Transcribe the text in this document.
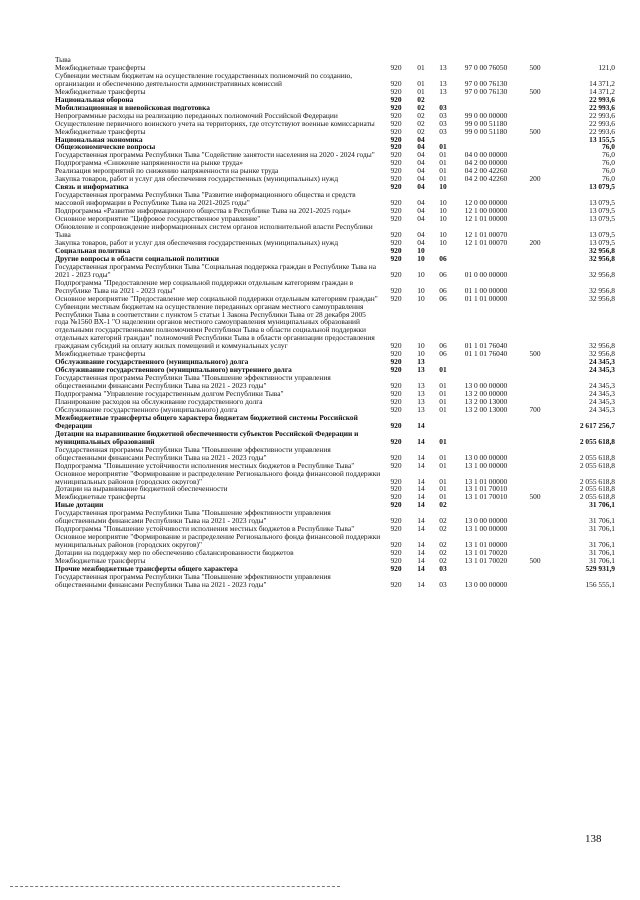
Тыва						
Межбюджетные трансферты	920	01	13	97 0 00 76050	500	121,0
Субвенции местным бюджетам на осуществление государственных полномочий по созданию, организации и обеспечению деятельности административных комиссий	920	01	13	97 0 00 76130		14 371,2
Межбюджетные трансферты	920	01	13	97 0 00 76130	500	14 371,2
Национальная оборона	920	02				22 993,6
Мобилизационная и вневойсковая подготовка	920	02	03			22 993,6
Непрограммные расходы на реализацию переданных полномочий Российской Федерации	920	02	03	99 0 00 00000		22 993,6
Осуществление первичного воинского учета на территориях, где отсутствуют военные комиссариаты	920	02	03	99 0 00 51180		22 993,6
Межбюджетные трансферты	920	02	03	99 0 00 51180	500	22 993,6
Национальная экономика	920	04				13 155,5
Общеэкономические вопросы	920	04	01			76,0
Государственная программа Республики Тыва "Содействие занятости населения на 2020 - 2024 годы"	920	04	01	04 0 00 00000		76,0
Подпрограмма «Снижение напряженности на рынке труда»	920	04	01	04 2 00 00000		76,0
Реализация мероприятий по снижению напряженности на рынке труда	920	04	01	04 2 00 42260		76,0
Закупка товаров, работ и услуг для обеспечения государственных (муниципальных) нужд	920	04	01	04 2 00 42260	200	76,0
Связь и информатика	920	04	10			13 079,5
Государственная программа Республики Тыва "Развитие информационного общества и средств массовой информации в Республике Тыва на 2021-2025 годы"	920	04	10	12 0 00 00000		13 079,5
Подпрограмма «Развитие информационного общества в Республике Тыва на 2021-2025 годы»	920	04	10	12 1 00 00000		13 079,5
Основное мероприятие "Цифровое государственное управление"	920	04	10	12 1 01 00000		13 079,5
Обновление и сопровождение информационных систем органов исполнительной власти Республики Тыва	920	04	10	12 1 01 00070		13 079,5
Закупка товаров, работ и услуг для обеспечения государственных (муниципальных) нужд	920	04	10	12 1 01 00070	200	13 079,5
Социальная политика	920	10				32 956,8
Другие вопросы в области социальной политики	920	10	06			32 956,8
Государственная программа Республики Тыва "Социальная поддержка граждан в Республике Тыва на 2021 - 2023 годы"	920	10	06	01 0 00 00000		32 956,8
Подпрограмма "Предоставление мер социальной поддержки отдельным категориям граждан в Республике Тыва на 2021 - 2023 годы"	920	10	06	01 1 00 00000		32 956,8
Основное мероприятие "Предоставление мер социальной поддержки отдельным категориям граждан"	920	10	06	01 1 01 00000		32 956,8
Субвенции местным бюджетам на осуществление переданных органам местного самоуправления Республики Тыва в соответствии с пунктом 5 статьи 1 Закона Республики Тыва от 28 декабря 2005 года №1560 ВХ-1 "О наделении органов местного самоуправления муниципальных образований отдельными государственными полномочиями Республики Тыва в области социальной поддержки отдельных категорий граждан" полномочий Республики Тыва в области организации предоставления гражданам субсидий на оплату жилых помещений и коммунальных услуг	920	10	06	01 1 01 76040		32 956,8
Межбюджетные трансферты	920	10	06	01 1 01 76040	500	32 956,8
Обслуживание государственного (муниципального) долга	920	13				24 345,3
Обслуживание государственного (муниципального) внутреннего долга	920	13	01			24 345,3
Государственная программа Республики Тыва "Повышение эффективности управления общественными финансами Республики Тыва на 2021 - 2023 годы"	920	13	01	13 0 00 00000		24 345,3
Подпрограмма "Управление государственным долгом Республики Тыва"	920	13	01	13 2 00 00000		24 345,3
Планирование расходов на обслуживание государственного долга	920	13	01	13 2 00 13000		24 345,3
Обслуживание государственного (муниципального) долга	920	13	01	13 2 00 13000	700	24 345,3
Межбюджетные трансферты общего характера бюджетам бюджетной системы Российской Федерации	920	14				2 617 256,7
Дотации на выравнивание бюджетной обеспеченности субъектов Российской Федерации и муниципальных образований	920	14	01			2 055 618,8
Государственная программа Республики Тыва "Повышение эффективности управления общественными финансами Республики Тыва на 2021 - 2023 годы"	920	14	01	13 0 00 00000		2 055 618,8
Подпрограмма "Повышение устойчивости исполнения местных бюджетов в Республике Тыва"	920	14	01	13 1 00 00000		2 055 618,8
Основное мероприятие "Формирование и распределение Регионального фонда финансовой поддержки муниципальных районов (городских округов)"	920	14	01	13 1 01 00000		2 055 618,8
Дотации на выравнивание бюджетной обеспеченности	920	14	01	13 1 01 70010		2 055 618,8
Межбюджетные трансферты	920	14	01	13 1 01 70010	500	2 055 618,8
Иные дотации	920	14	02			31 706,1
Государственная программа Республики Тыва "Повышение эффективности управления общественными финансами Республики Тыва на 2021 - 2023 годы"	920	14	02	13 0 00 00000		31 706,1
Подпрограмма "Повышение устойчивости исполнения местных бюджетов в Республике Тыва"	920	14	02	13 1 00 00000		31 706,1
Основное мероприятие "Формирование и распределение Регионального фонда финансовой поддержки муниципальных районов (городских округов)"	920	14	02	13 1 01 00000		31 706,1
Дотации на поддержку мер по обеспечению сбалансированности бюджетов	920	14	02	13 1 01 70020		31 706,1
Межбюджетные трансферты	920	14	02	13 1 01 70020	500	31 706,1
Прочие межбюджетные трансферты общего характера	920	14	03			529 931,9
Государственная программа Республики Тыва "Повышение эффективности управления общественными финансами Республики Тыва на 2021 - 2023 годы"	920	14	03	13 0 00 00000		156 555,1
138
